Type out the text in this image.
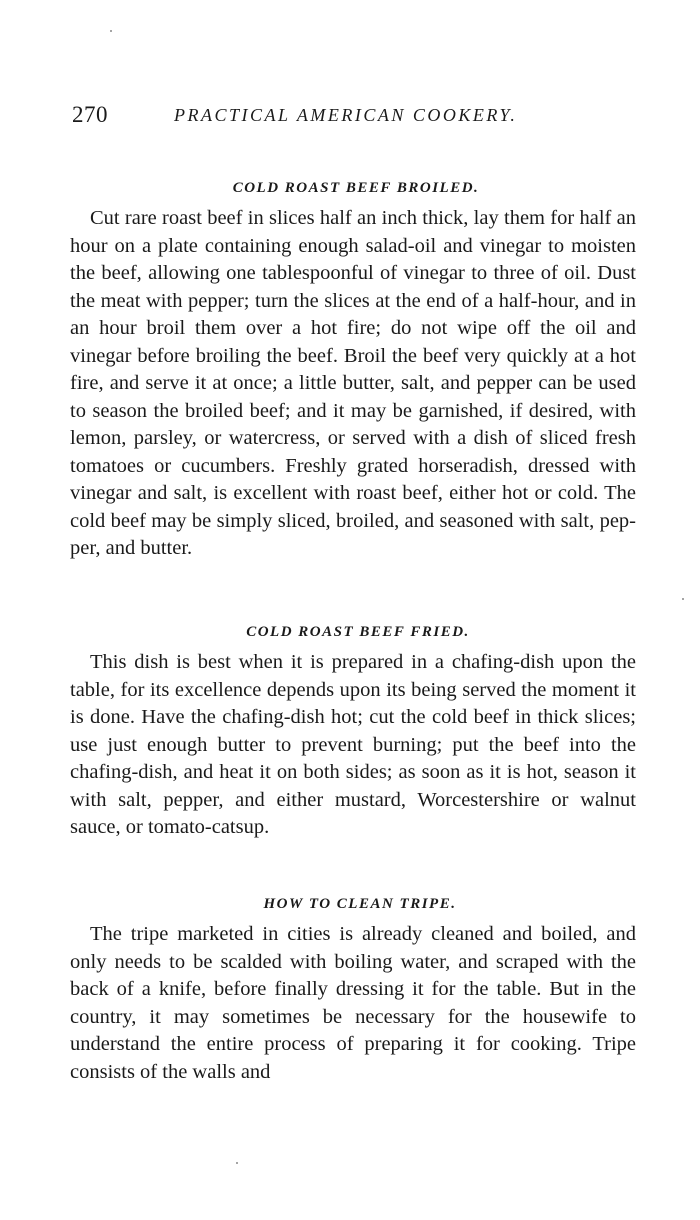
270	PRACTICAL AMERICAN COOKERY.
COLD ROAST BEEF BROILED.

Cut rare roast beef in slices half an inch thick, lay them for half an hour on a plate containing enough salad-oil and vinegar to moisten the beef, allowing one tablespoonful of vinegar to three of oil. Dust the meat with pepper; turn the slices at the end of a half-hour, and in an hour broil them over a hot fire; do not wipe off the oil and vinegar before broiling the beef. Broil the beef very quickly at a hot fire, and serve it at once; a little butter, salt, and pepper can be used to season the broiled beef; and it may be garnished, if desired, with lemon, parsley, or watercress, or served with a dish of sliced fresh tomatoes or cucumbers. Freshly grated horseradish, dressed with vinegar and salt, is excellent with roast beef, either hot or cold. The cold beef may be simply sliced, broiled, and seasoned with salt, pep-per, and butter.

COLD ROAST BEEF FRIED.

This dish is best when it is prepared in a chafing-dish upon the table, for its excellence depends upon its being served the moment it is done. Have the chafing-dish hot; cut the cold beef in thick slices; use just enough butter to prevent burning; put the beef into the chafing-dish, and heat it on both sides; as soon as it is hot, season it with salt, pepper, and either mustard, Worcestershire or walnut sauce, or tomato-catsup.

HOW TO CLEAN TRIPE.

The tripe marketed in cities is already cleaned and boiled, and only needs to be scalded with boiling water, and scraped with the back of a knife, before finally dressing it for the table. But in the country, it may sometimes be necessary for the housewife to understand the entire process of preparing it for cooking. Tripe consists of the walls and
